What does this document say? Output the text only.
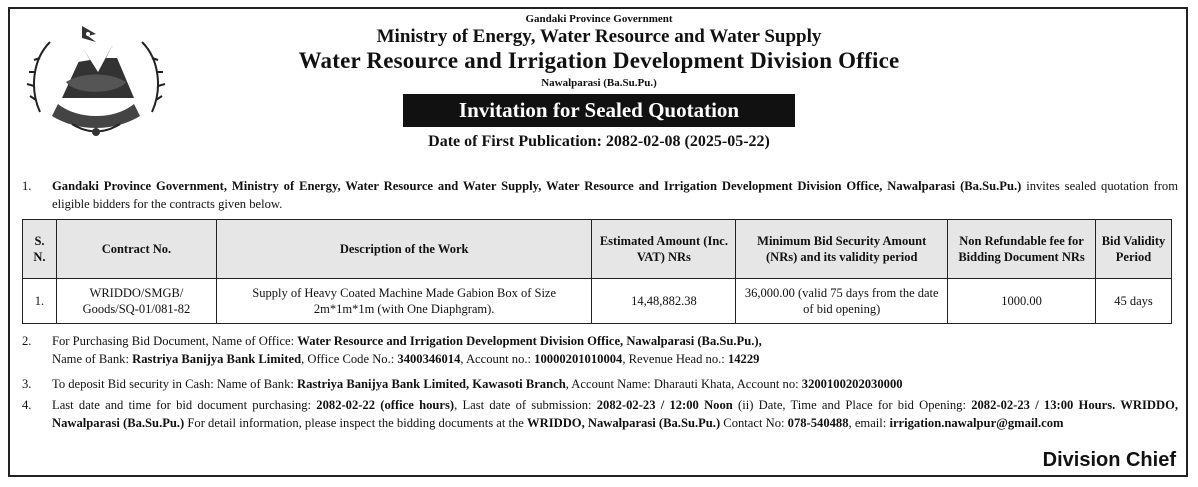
Gandaki Province Government
Ministry of Energy, Water Resource and Water Supply
Water Resource and Irrigation Development Division Office
Nawalparasi (Ba.Su.Pu.)
Invitation for Sealed Quotation
Date of First Publication: 2082-02-08 (2025-05-22)
1. Gandaki Province Government, Ministry of Energy, Water Resource and Water Supply, Water Resource and Irrigation Development Division Office, Nawalparasi (Ba.Su.Pu.) invites sealed quotation from eligible bidders for the contracts given below.
S. N.	Contract No.	Description of the Work	Estimated Amount (Inc. VAT) NRs	Minimum Bid Security Amount (NRs) and its validity period	Non Refundable fee for Bidding Document NRs	Bid Validity Period
1.	WRIDDO/SMGB/ Goods/SQ-01/081-82	Supply of Heavy Coated Machine Made Gabion Box of Size 2m*1m*1m (with One Diaphgram).	14,48,882.38	36,000.00 (valid 75 days from the date of bid opening)	1000.00	45 days
2. For Purchasing Bid Document, Name of Office: Water Resource and Irrigation Development Division Office, Nawalparasi (Ba.Su.Pu.),
Name of Bank: Rastriya Banijya Bank Limited, Office Code No.: 3400346014, Account no.: 10000201010004, Revenue Head no.: 14229
3. To deposit Bid security in Cash: Name of Bank: Rastriya Banijya Bank Limited, Kawasoti Branch, Account Name: Dharauti Khata, Account no: 3200100202030000
4. Last date and time for bid document purchasing: 2082-02-22 (office hours), Last date of submission: 2082-02-23 / 12:00 Noon (ii) Date, Time and Place for bid Opening: 2082-02-23 / 13:00 Hours. WRIDDO, Nawalparasi (Ba.Su.Pu.) For detail information, please inspect the bidding documents at the WRIDDO, Nawalparasi (Ba.Su.Pu.) Contact No: 078-540488, email: irrigation.nawalpur@gmail.com
Division Chief
